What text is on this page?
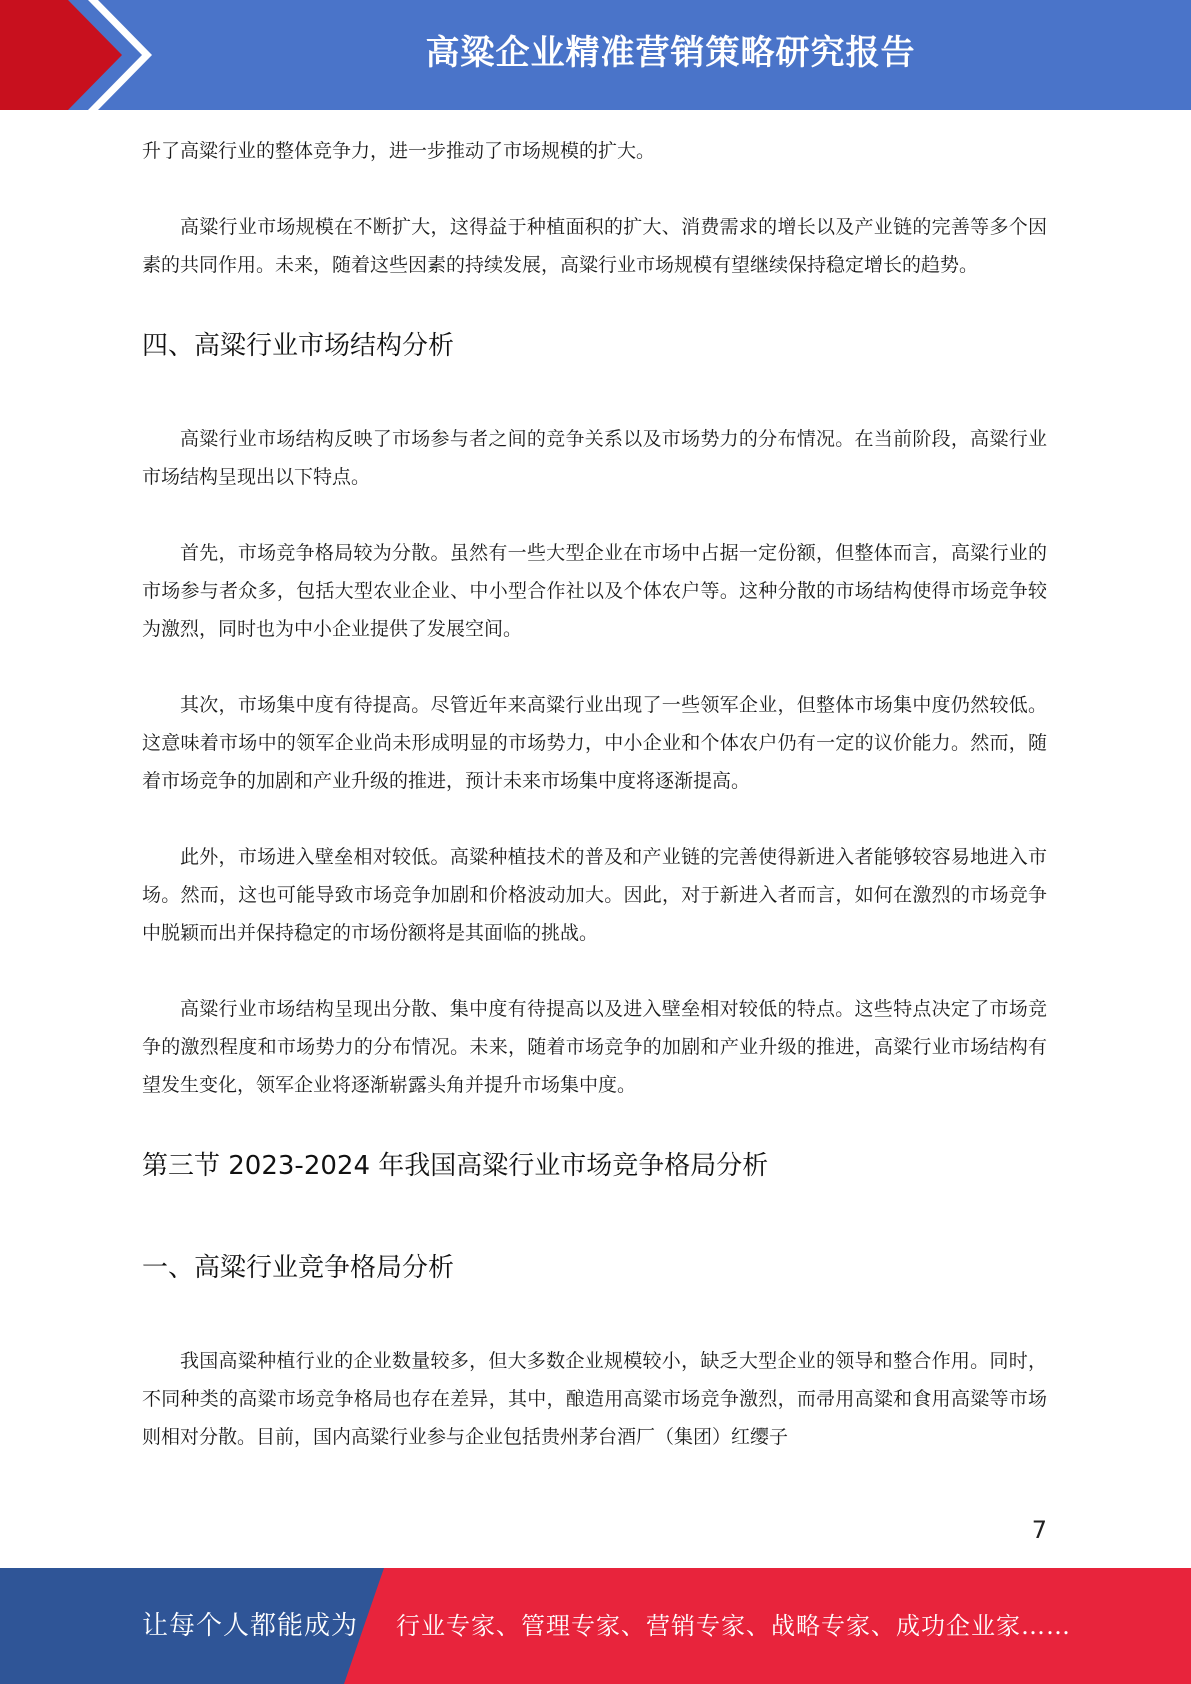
高粱企业精准营销策略研究报告

升了高粱行业的整体竞争力，进一步推动了市场规模的扩大。

高粱行业市场规模在不断扩大，这得益于种植面积的扩大、消费需求的增长以及产业链的完善等多个因素的共同作用。未来，随着这些因素的持续发展，高粱行业市场规模有望继续保持稳定增长的趋势。

四、高粱行业市场结构分析

高粱行业市场结构反映了市场参与者之间的竞争关系以及市场势力的分布情况。在当前阶段，高粱行业市场结构呈现出以下特点。

首先，市场竞争格局较为分散。虽然有一些大型企业在市场中占据一定份额，但整体而言，高粱行业的市场参与者众多，包括大型农业企业、中小型合作社以及个体农户等。这种分散的市场结构使得市场竞争较为激烈，同时也为中小企业提供了发展空间。

其次，市场集中度有待提高。尽管近年来高粱行业出现了一些领军企业，但整体市场集中度仍然较低。这意味着市场中的领军企业尚未形成明显的市场势力，中小企业和个体农户仍有一定的议价能力。然而，随着市场竞争的加剧和产业升级的推进，预计未来市场集中度将逐渐提高。

此外，市场进入壁垒相对较低。高粱种植技术的普及和产业链的完善使得新进入者能够较容易地进入市场。然而，这也可能导致市场竞争加剧和价格波动加大。因此，对于新进入者而言，如何在激烈的市场竞争中脱颖而出并保持稳定的市场份额将是其面临的挑战。

高粱行业市场结构呈现出分散、集中度有待提高以及进入壁垒相对较低的特点。这些特点决定了市场竞争的激烈程度和市场势力的分布情况。未来，随着市场竞争的加剧和产业升级的推进，高粱行业市场结构有望发生变化，领军企业将逐渐崭露头角并提升市场集中度。

第三节 2023-2024 年我国高粱行业市场竞争格局分析
一、高粱行业竞争格局分析

我国高粱种植行业的企业数量较多，但大多数企业规模较小，缺乏大型企业的领导和整合作用。同时，不同种类的高粱市场竞争格局也存在差异，其中，酿造用高粱市场竞争激烈，而帚用高粱和食用高粱等市场则相对分散。目前，国内高粱行业参与企业包括贵州茅台酒厂（集团）红缨子

7
让每个人都能成为 行业专家、管理专家、营销专家、战略专家、成功企业家……
